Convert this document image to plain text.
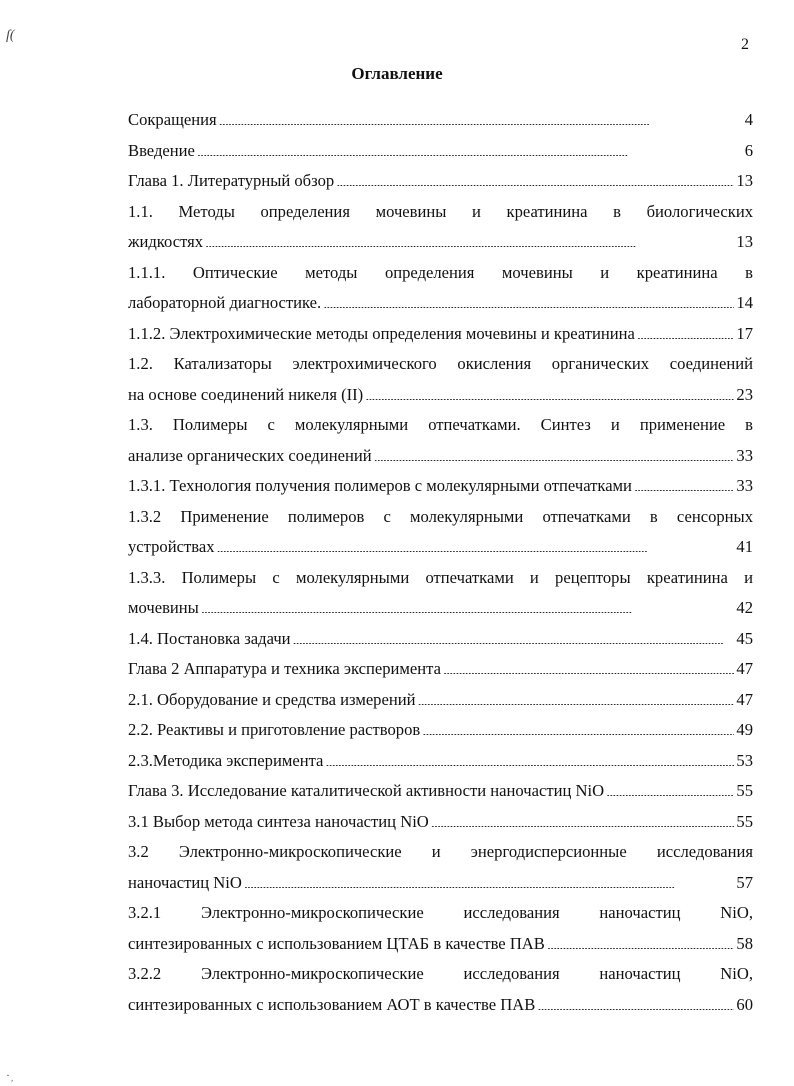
ſ(
2
Оглавление
Сокращения . . .	4
Введение . . .	6
Глава 1. Литературный обзор . . .	13
1.1. Методы определения мочевины и креатинина в биологических
жидкостях . . .	13
1.1.1. Оптические методы определения мочевины и креатинина в
лабораторной диагностике. . . .	14
1.1.2. Электрохимические методы определения мочевины и креатинина . . .	17
1.2. Катализаторы электрохимического окисления органических соединений
на основе соединений никеля (II) . . .	23
1.3. Полимеры с молекулярными отпечатками. Синтез и применение в
анализе органических соединений . . .	33
1.3.1. Технология получения полимеров с молекулярными отпечатками . . .	33
1.3.2 Применение полимеров с молекулярными отпечатками в сенсорных
устройствах . . .	41
1.3.3. Полимеры с молекулярными отпечатками и рецепторы креатинина и
мочевины . . .	42
1.4. Постановка задачи . . .	45
Глава 2 Аппаратура и техника эксперимента . . .	47
2.1. Оборудование и средства измерений . . .	47
2.2. Реактивы и приготовление растворов . . .	49
2.3.Методика эксперимента . . .	53
Глава 3. Исследование каталитической активности наночастиц NiO . . .	55
3.1 Выбор метода синтеза наночастиц NiO . . .	55
3.2 Электронно-микроскопические и энергодисперсионные исследования
наночастиц NiO . . .	57
3.2.1 Электронно-микроскопические исследования наночастиц NiO,
синтезированных с использованием ЦТАБ в качестве ПАВ . . .	58
3.2.2 Электронно-микроскопические исследования наночастиц NiO,
синтезированных с использованием АОТ в качестве ПАВ . . .	60
·͵
